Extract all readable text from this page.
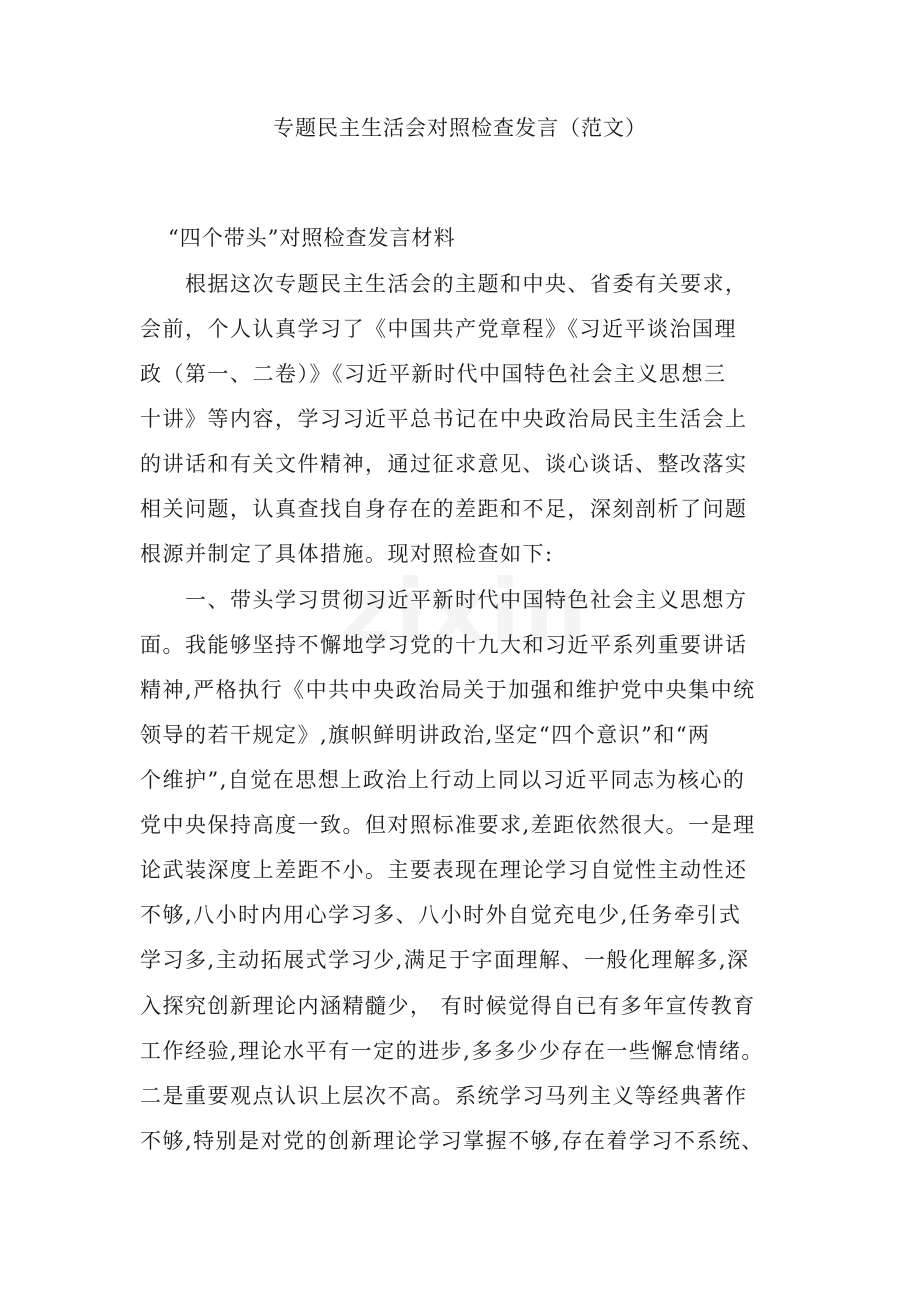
专题民主生活会对照检查发言（范文）
“四个带头”对照检查发言材料
　　根据这次专题民主生活会的主题和中央、省委有关要求，
会前，个人认真学习了《中国共产党章程》《习近平谈治国理
政（第一、二卷）》《习近平新时代中国特色社会主义思想三
十讲》等内容，学习习近平总书记在中央政治局民主生活会上
的讲话和有关文件精神，通过征求意见、谈心谈话、整改落实
相关问题，认真查找自身存在的差距和不足，深刻剖析了问题
根源并制定了具体措施。现对照检查如下:
　　一、带头学习贯彻习近平新时代中国特色社会主义思想方
面。我能够坚持不懈地学习党的十九大和习近平系列重要讲话
精神,严格执行《中共中央政治局关于加强和维护党中央集中统
领导的若干规定》,旗帜鲜明讲政治,坚定“四个意识”和“两
个维护”,自觉在思想上政治上行动上同以习近平同志为核心的
党中央保持高度一致。但对照标准要求,差距依然很大。一是理
论武装深度上差距不小。主要表现在理论学习自觉性主动性还
不够,八小时内用心学习多、八小时外自觉充电少,任务牵引式
学习多,主动拓展式学习少,满足于字面理解、一般化理解多,深
入探究创新理论内涵精髓少， 有时候觉得自已有多年宣传教育
工作经验,理论水平有一定的进步,多多少少存在一些懈怠情绪。
二是重要观点认识上层次不高。系统学习马列主义等经典著作
不够,特别是对党的创新理论学习掌握不够,存在着学习不系统、
